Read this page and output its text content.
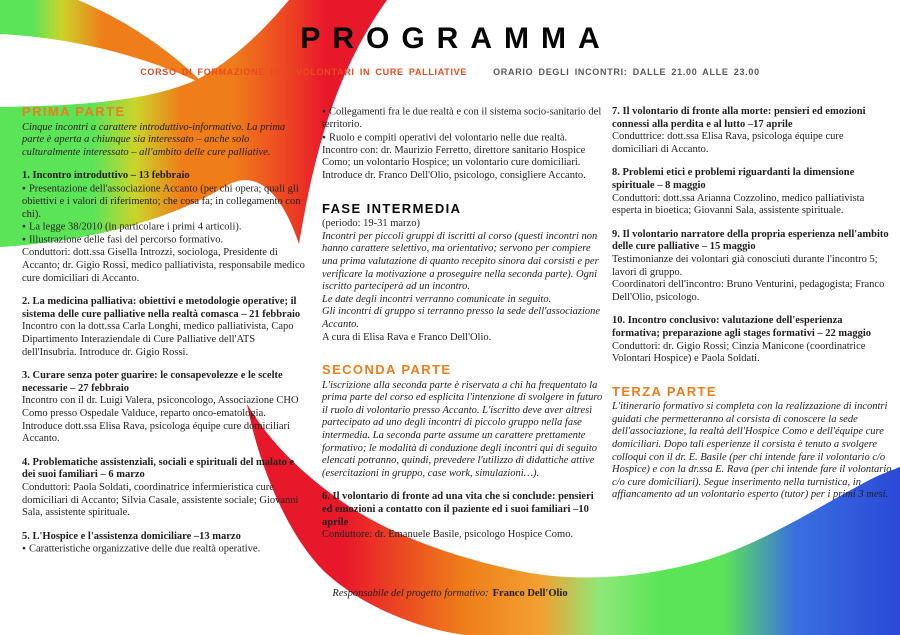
PROGRAMMA
CORSO DI FORMAZIONE PER VOLONTARI IN CURE PALLIATIVE	ORARIO DEGLI INCONTRI: DALLE 21.00 ALLE 23.00
PRIMA PARTE
Cinque incontri a carattere introduttivo-informativo. La prima parte è aperta a chiunque sia interessato – anche solo culturalmente interessato – all'ambito delle cure palliative.
1. Incontro introduttivo – 13 febbraio
● Presentazione dell'associazione Accanto (per chi opera; quali gli obiettivi e i valori di riferimento; che cosa fa; in collegamento con chi).
● La legge 38/2010 (in particolare i primi 4 articoli).
● Illustrazione delle fasi del percorso formativo.
Conduttori: dott.ssa Gisella Introzzi, sociologa, Presidente di Accanto; dr. Gigio Rossi, medico palliativista, responsabile medico cure domiciliari di Accanto.
2. La medicina palliativa: obiettivi e metodologie operative; il sistema delle cure palliative nella realtà comasca – 21 febbraio
Incontro con la dott.ssa Carla Longhi, medico palliativista, Capo Dipartimento Interaziendale di Cure Palliative dell'ATS dell'Insubria. Introduce dr. Gigio Rossi.
3. Curare senza poter guarire: le consapevolezze e le scelte necessarie – 27 febbraio
Incontro con il dr. Luigi Valera, psiconcologo, Associazione CHO Como presso Ospedale Valduce, reparto onco-ematologia. Introduce dott.ssa Elisa Rava, psicologa équipe cure domiciliari Accanto.
4. Problematiche assistenziali, sociali e spirituali del malato e dei suoi familiari – 6 marzo
Conduttori: Paola Soldati, coordinatrice infermieristica cure domiciliari di Accanto; Silvia Casale, assistente sociale; Giovanni Sala, assistente spirituale.
5. L'Hospice e l'assistenza domiciliare –13 marzo
● Caratteristiche organizzative delle due realtà operative.
● Collegamenti fra le due realtà e con il sistema socio-sanitario del territorio.
● Ruolo e compiti operativi del volontario nelle due realtà.
Incontro con: dr. Maurizio Ferretto, direttore sanitario Hospice Como; un volontario Hospice; un volontario cure domiciliari. Introduce dr. Franco Dell'Olio, psicologo, consigliere Accanto.
FASE INTERMEDIA
(periodo: 19-31 marzo)
Incontri per piccoli gruppi di iscritti al corso (questi incontri non hanno carattere selettivo, ma orientativo; servono per compiere una prima valutazione di quanto recepito sinora dai corsisti e per verificare la motivazione a proseguire nella seconda parte). Ogni iscritto parteciperà ad un incontro.
Le date degli incontri verranno comunicate in seguito.
Gli incontri di gruppo si terranno presso la sede dell'associazione Accanto.
A cura di Elisa Rava e Franco Dell'Olio.
SECONDA PARTE
L'iscrizione alla seconda parte è riservata a chi ha frequentato la prima parte del corso ed esplicita l'intenzione di svolgere in futuro il ruolo di volontario presso Accanto. L'iscritto deve aver altresì partecipato ad uno degli incontri di piccolo gruppo nella fase intermedia. La seconda parte assume un carattere prettamente formativo; le modalità di conduzione degli incontri qui di seguito elencati potranno, quindi, prevedere l'utilizzo di didattiche attive (esercitazioni in gruppo, case work, simulazioni…).
6. Il volontario di fronte ad una vita che si conclude: pensieri ed emozioni a contatto con il paziente ed i suoi familiari –10 aprile
Conduttore: dr. Emanuele Basile, psicologo Hospice Como.
7. Il volontario di fronte alla morte: pensieri ed emozioni connessi alla perdita e al lutto –17 aprile
Conduttrice: dott.ssa Elisa Rava, psicologa équipe cure domiciliari di Accanto.
8. Problemi etici e problemi riguardanti la dimensione spirituale – 8 maggio
Conduttori: dott.ssa Arianna Cozzolino, medico palliativista esperta in bioetica; Giovanni Sala, assistente spirituale.
9. Il volontario narratore della propria esperienza nell'ambito delle cure palliative – 15 maggio
Testimonianze dei volontari già conosciuti durante l'incontro 5; lavori di gruppo.
Coordinatori dell'incontro: Bruno Venturini, pedagogista; Franco Dell'Olio, psicologo.
10. Incontro conclusivo: valutazione dell'esperienza formativa; preparazione agli stages formativi – 22 maggio
Conduttori: dr. Gigio Rossi; Cinzia Manicone (coordinatrice Volontari Hospice) e Paola Soldati.
TERZA PARTE
L'itinerario formativo si completa con la realizzazione di incontri guidati che permetteranno al corsista di conoscere la sede dell'associazione, la realtà dell'Hospice Como e dell'équipe cure domiciliari. Dopo tali esperienze il corsista è tenuto a svolgere colloqui con il dr. E. Basile (per chi intende fare il volontario c/o Hospice) e con la dr.ssa E. Rava (per chi intende fare il volontario c/o cure domiciliari). Segue inserimento nella turnistica, in affiancamento ad un volontario esperto (tutor) per i primi 3 mesi.
Responsabile del progetto formativo: Franco Dell'Olio
